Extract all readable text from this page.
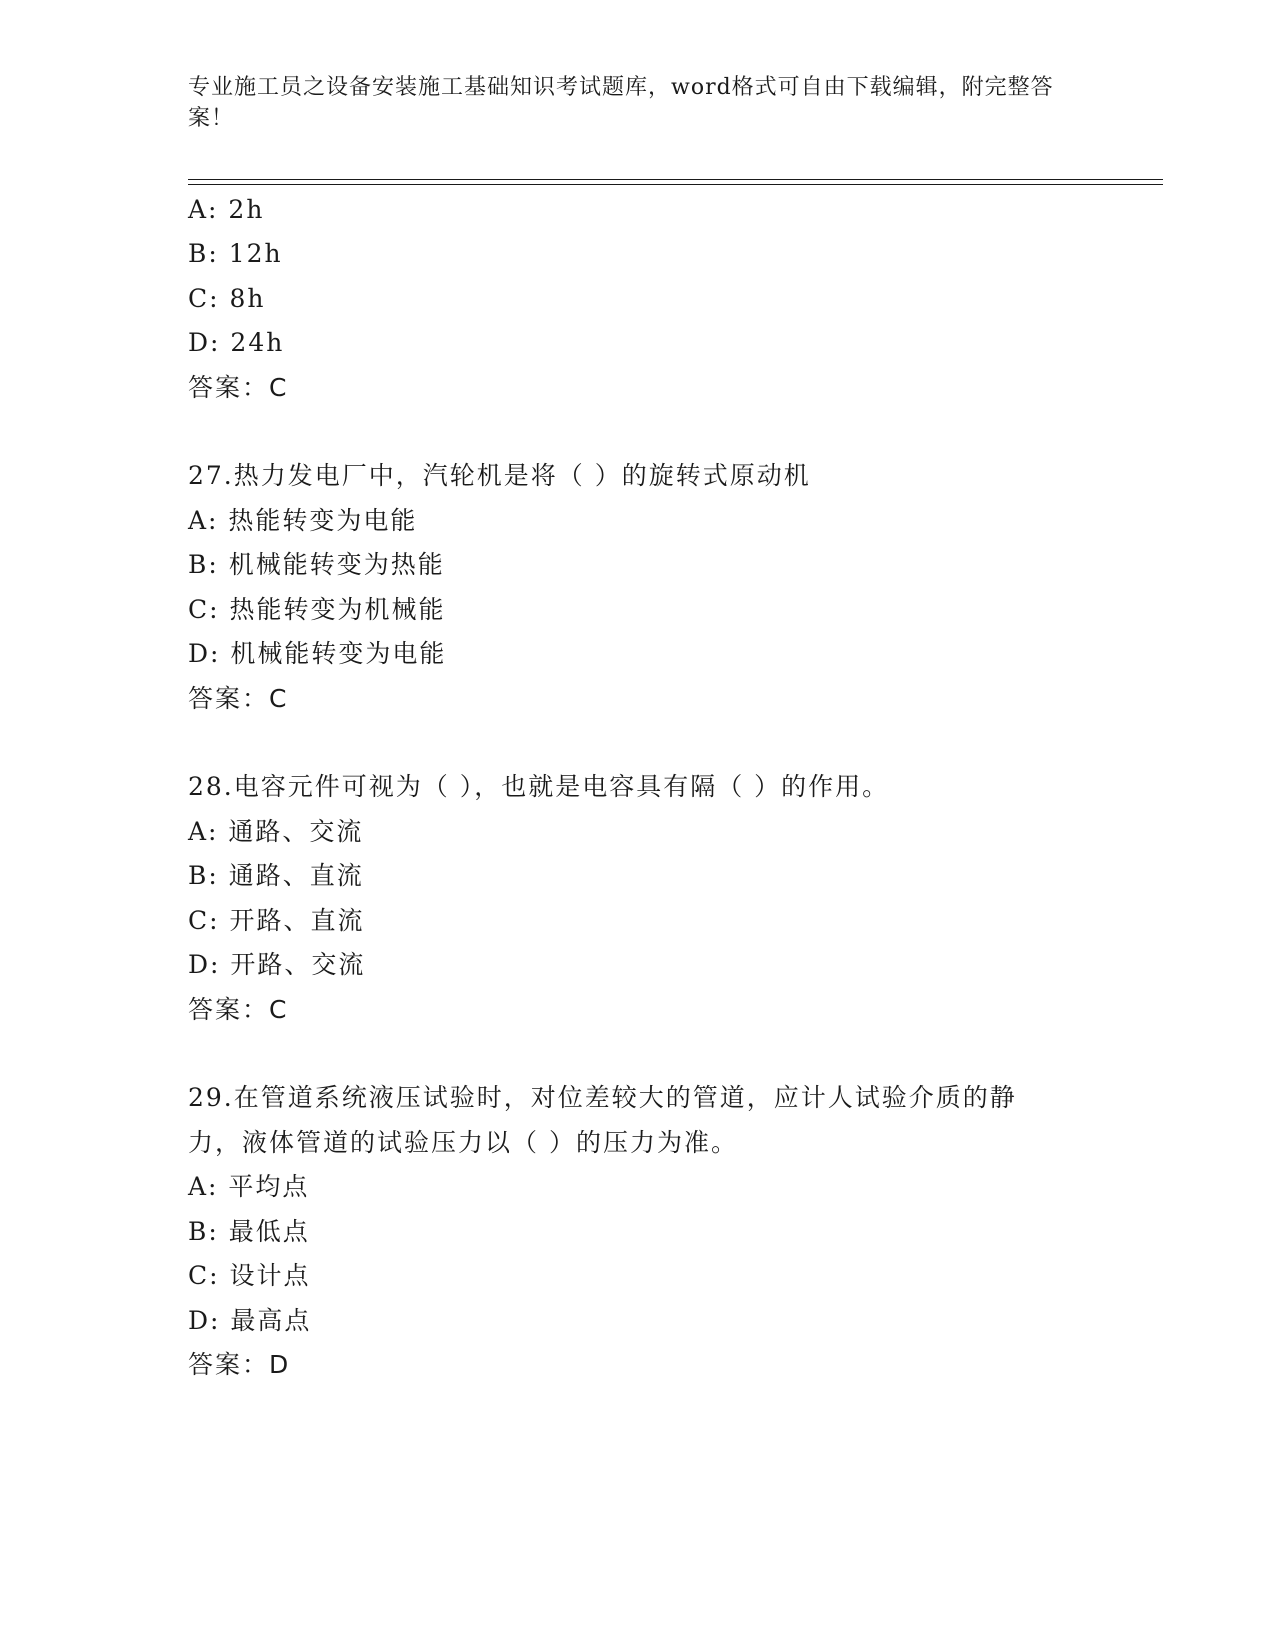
专业施工员之设备安装施工基础知识考试题库，word格式可自由下载编辑，附完整答案！
A: 2h
B: 12h
C: 8h
D: 24h
答案：C
27.热力发电厂中，汽轮机是将（ ）的旋转式原动机
A: 热能转变为电能
B: 机械能转变为热能
C: 热能转变为机械能
D: 机械能转变为电能
答案：C
28.电容元件可视为（ ），也就是电容具有隔（ ）的作用。
A: 通路、交流
B: 通路、直流
C: 开路、直流
D: 开路、交流
答案：C
29.在管道系统液压试验时，对位差较大的管道，应计人试验介质的静
力，液体管道的试验压力以（ ）的压力为准。
A: 平均点
B: 最低点
C: 设计点
D: 最高点
答案：D
